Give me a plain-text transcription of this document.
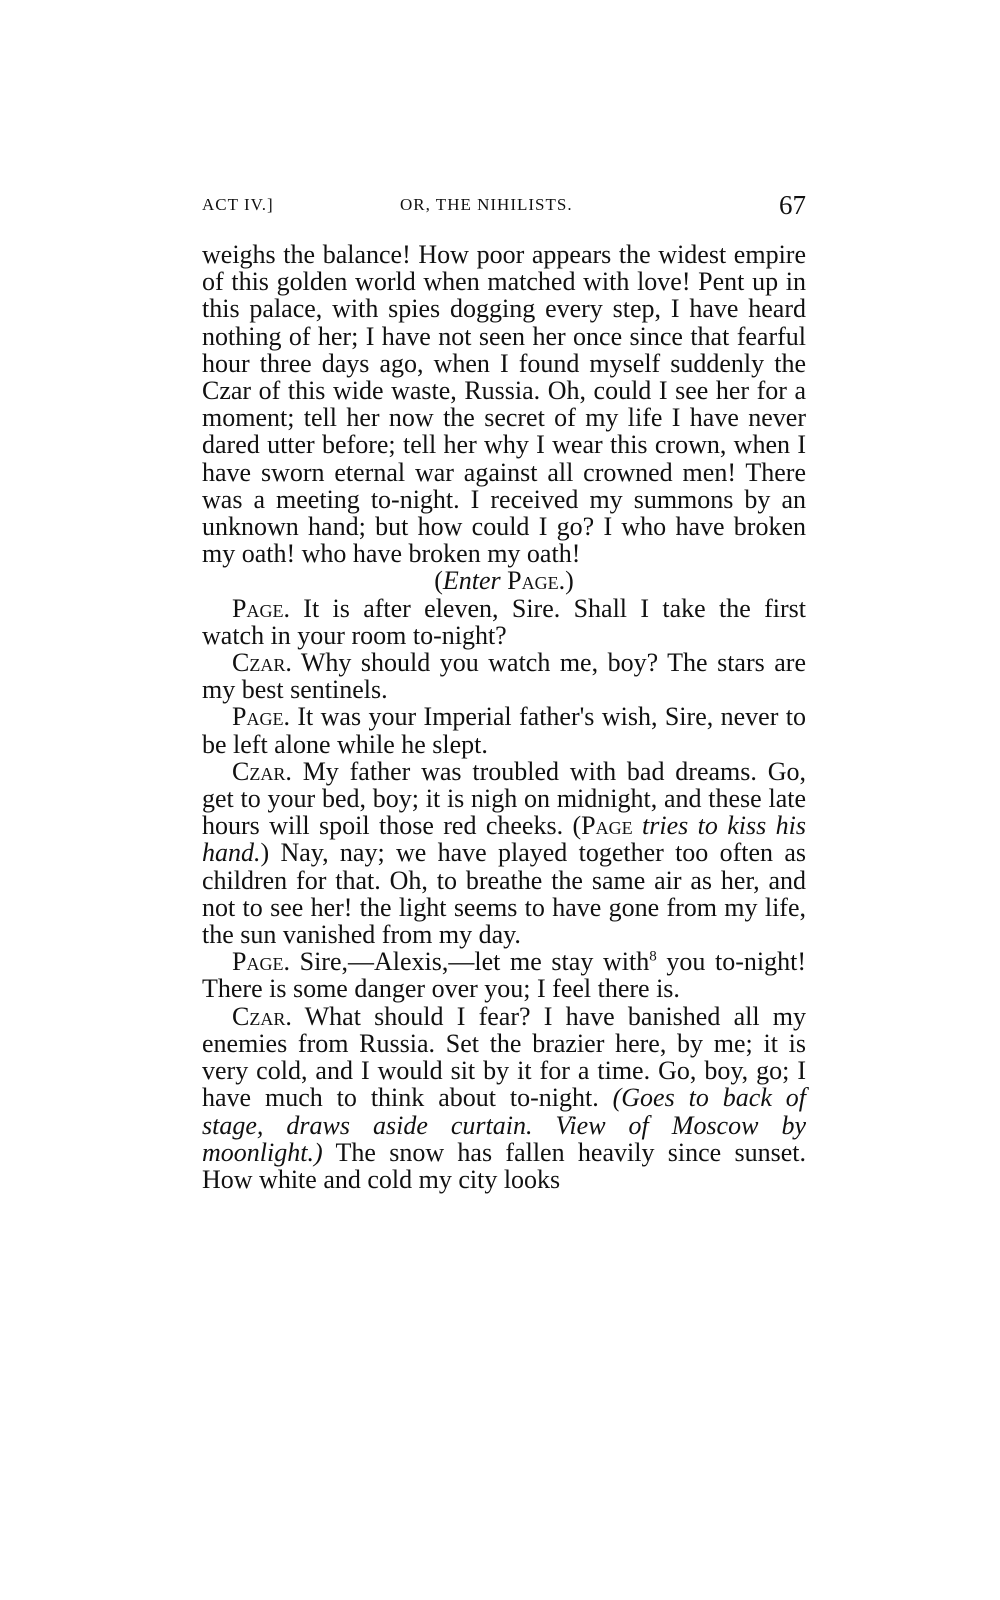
ACT IV.]	OR, THE NIHILISTS.	67

weighs the balance! How poor appears the widest empire of this golden world when matched with love! Pent up in this palace, with spies dogging every step, I have heard nothing of her; I have not seen her once since that fearful hour three days ago, when I found myself suddenly the Czar of this wide waste, Russia. Oh, could I see her for a moment; tell her now the secret of my life I have never dared utter before; tell her why I wear this crown, when I have sworn eternal war against all crowned men! There was a meeting to-night. I received my summons by an unknown hand; but how could I go? I who have broken my oath! who have broken my oath!

(Enter Page.)

Page. It is after eleven, Sire. Shall I take the first watch in your room to-night?

Czar. Why should you watch me, boy? The stars are my best sentinels.

Page. It was your Imperial father's wish, Sire, never to be left alone while he slept.

Czar. My father was troubled with bad dreams. Go, get to your bed, boy; it is nigh on midnight, and these late hours will spoil those red cheeks. (Page tries to kiss his hand.) Nay, nay; we have played together too often as children for that. Oh, to breathe the same air as her, and not to see her! the light seems to have gone from my life, the sun vanished from my day.

Page. Sire,—Alexis,—let me stay with$^8$ you to-night! There is some danger over you; I feel there is.

Czar. What should I fear? I have banished all my enemies from Russia. Set the brazier here, by me; it is very cold, and I would sit by it for a time. Go, boy, go; I have much to think about to-night. (Goes to back of stage, draws aside curtain. View of Moscow by moonlight.) The snow has fallen heavily since sunset. How white and cold my city looks
